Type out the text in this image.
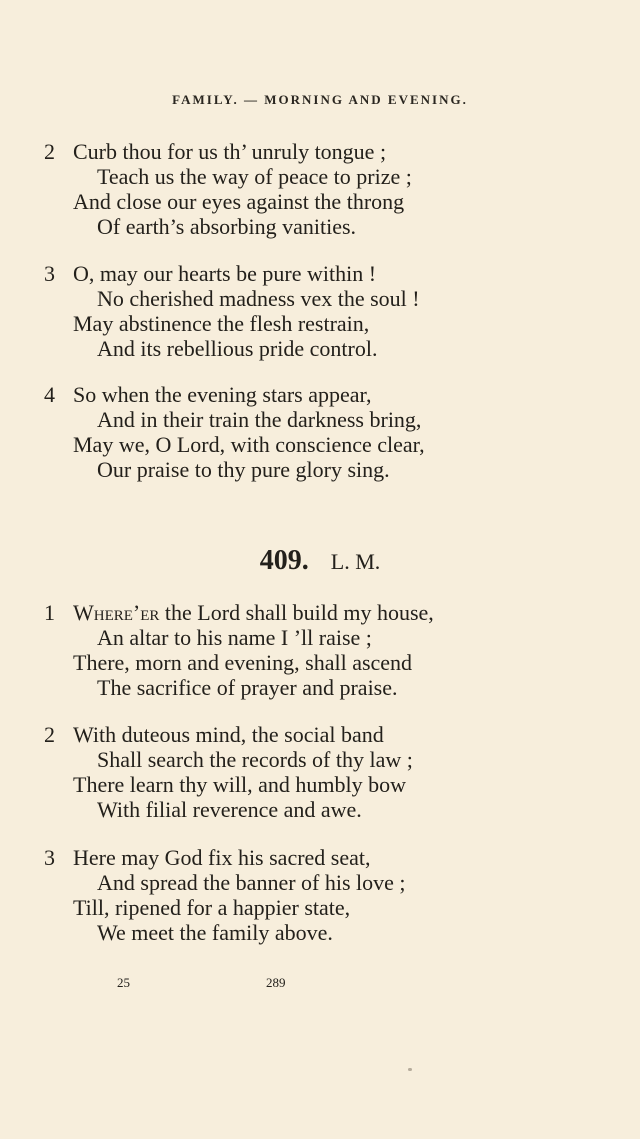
FAMILY. — MORNING AND EVENING.
2 Curb thou for us th’ unruly tongue ;
Teach us the way of peace to prize ;
And close our eyes against the throng
Of earth’s absorbing vanities.
3 O, may our hearts be pure within !
No cherished madness vex the soul !
May abstinence the flesh restrain,
And its rebellious pride control.
4 So when the evening stars appear,
And in their train the darkness bring,
May we, O Lord, with conscience clear,
Our praise to thy pure glory sing.
409. L. M.
1 Where’er the Lord shall build my house,
An altar to his name I ’ll raise ;
There, morn and evening, shall ascend
The sacrifice of prayer and praise.
2 With duteous mind, the social band
Shall search the records of thy law ;
There learn thy will, and humbly bow
With filial reverence and awe.
3 Here may God fix his sacred seat,
And spread the banner of his love ;
Till, ripened for a happier state,
We meet the family above.
25	289
